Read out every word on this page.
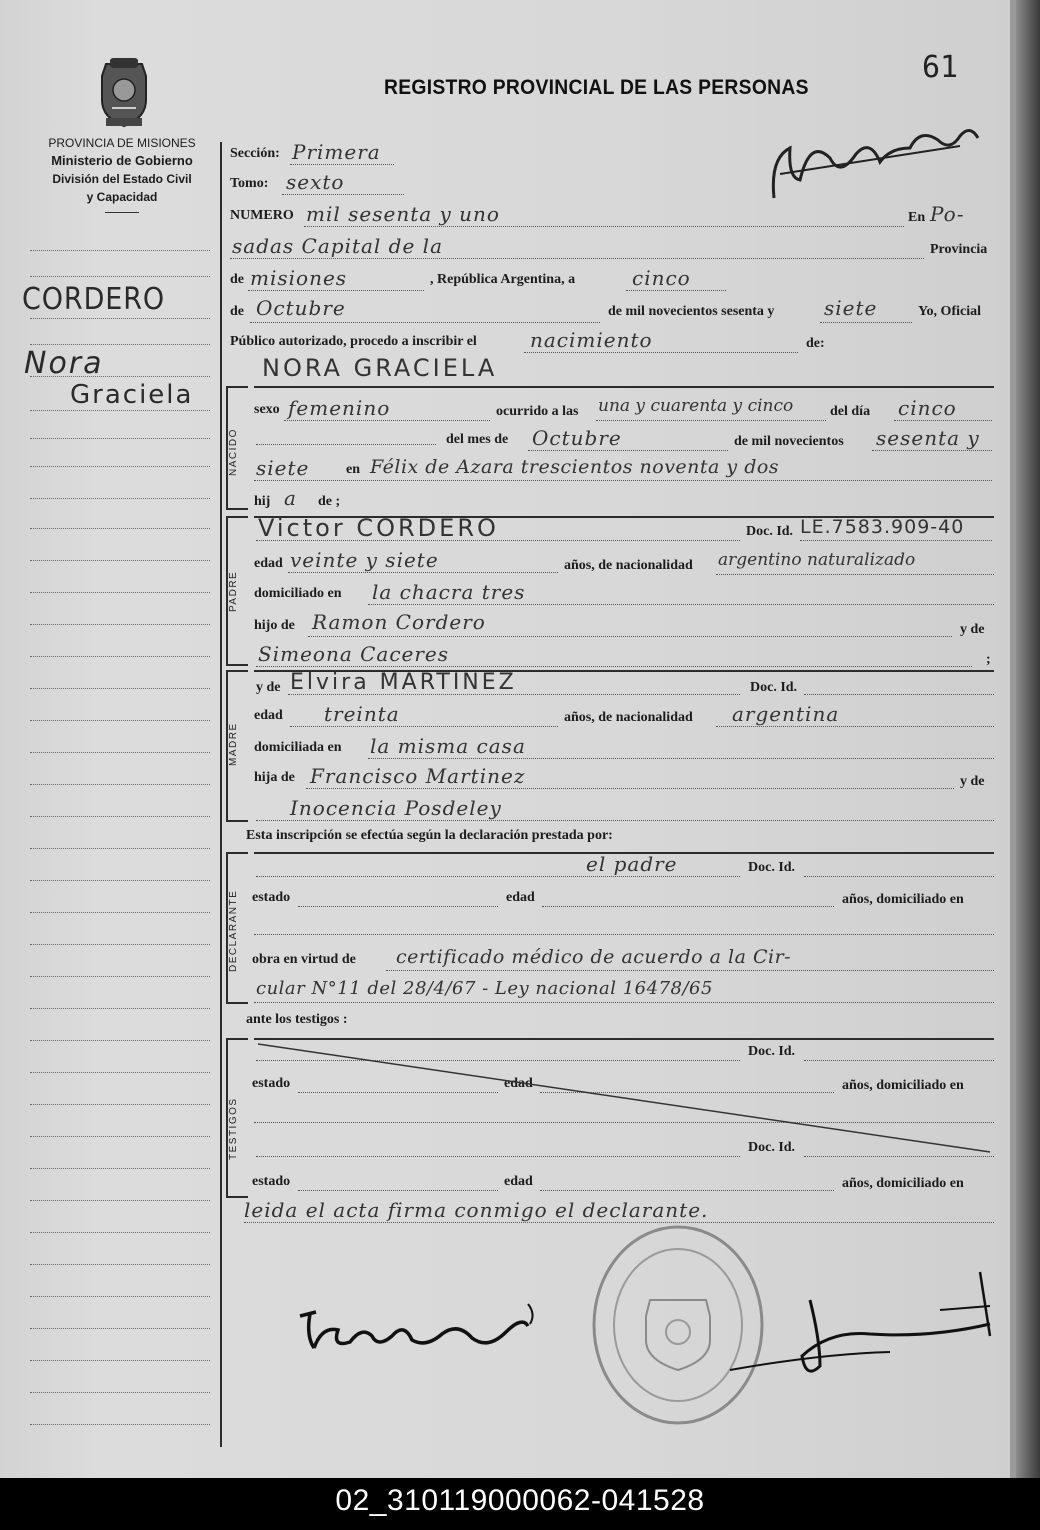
PROVINCIA DE MISIONES
Ministerio de Gobierno
División del Estado Civil
y Capacidad
61
REGISTRO PROVINCIAL DE LAS PERSONAS
CORDERO
Nora
Graciela
Sección: Primera
Tomo: sexto
NUMERO mil sesenta y uno	En Po-
sadas Capital de la	Provincia
de misiones	, República Argentina, a	cinco
de Octubre	de mil novecientos sesenta y siete	Yo, Oficial
Público autorizado, procedo a inscribir el	nacimiento	de:
NACIDO
NORA GRACIELA
sexo femenino	ocurrido a las una y cuarenta y cinco	del día cinco
del mes de Octubre	de mil novecientos sesenta y
siete	en Félix de Azara trescientos noventa y dos
hij a de ;
PADRE
Victor CORDERO	Doc. Id. LE.7583.909-40
edad veinte y siete	años, de nacionalidad argentino naturalizado
domiciliado en la chacra tres
hijo de Ramon Cordero	y de
Simeona Caceres	;
MADRE
y de Elvira MARTINEZ	Doc. Id.
edad treinta	años, de nacionalidad argentina
domiciliada en la misma casa
hija de Francisco Martinez	y de
Inocencia Posdeley
Esta inscripción se efectúa según la declaración prestada por:
DECLARANTE
el padre	Doc. Id.
estado	edad	años, domiciliado en
obra en virtud de certificado médico de acuerdo a la Cir-
cular N°11 del 28/4/67 - Ley nacional 16478/65
ante los testigos :
TESTIGOS
Doc. Id.
estado	edad	años, domiciliado en
Doc. Id.
estado	edad	años, domiciliado en
leida el acta firma conmigo el declarante.
02_310119000062-041528
